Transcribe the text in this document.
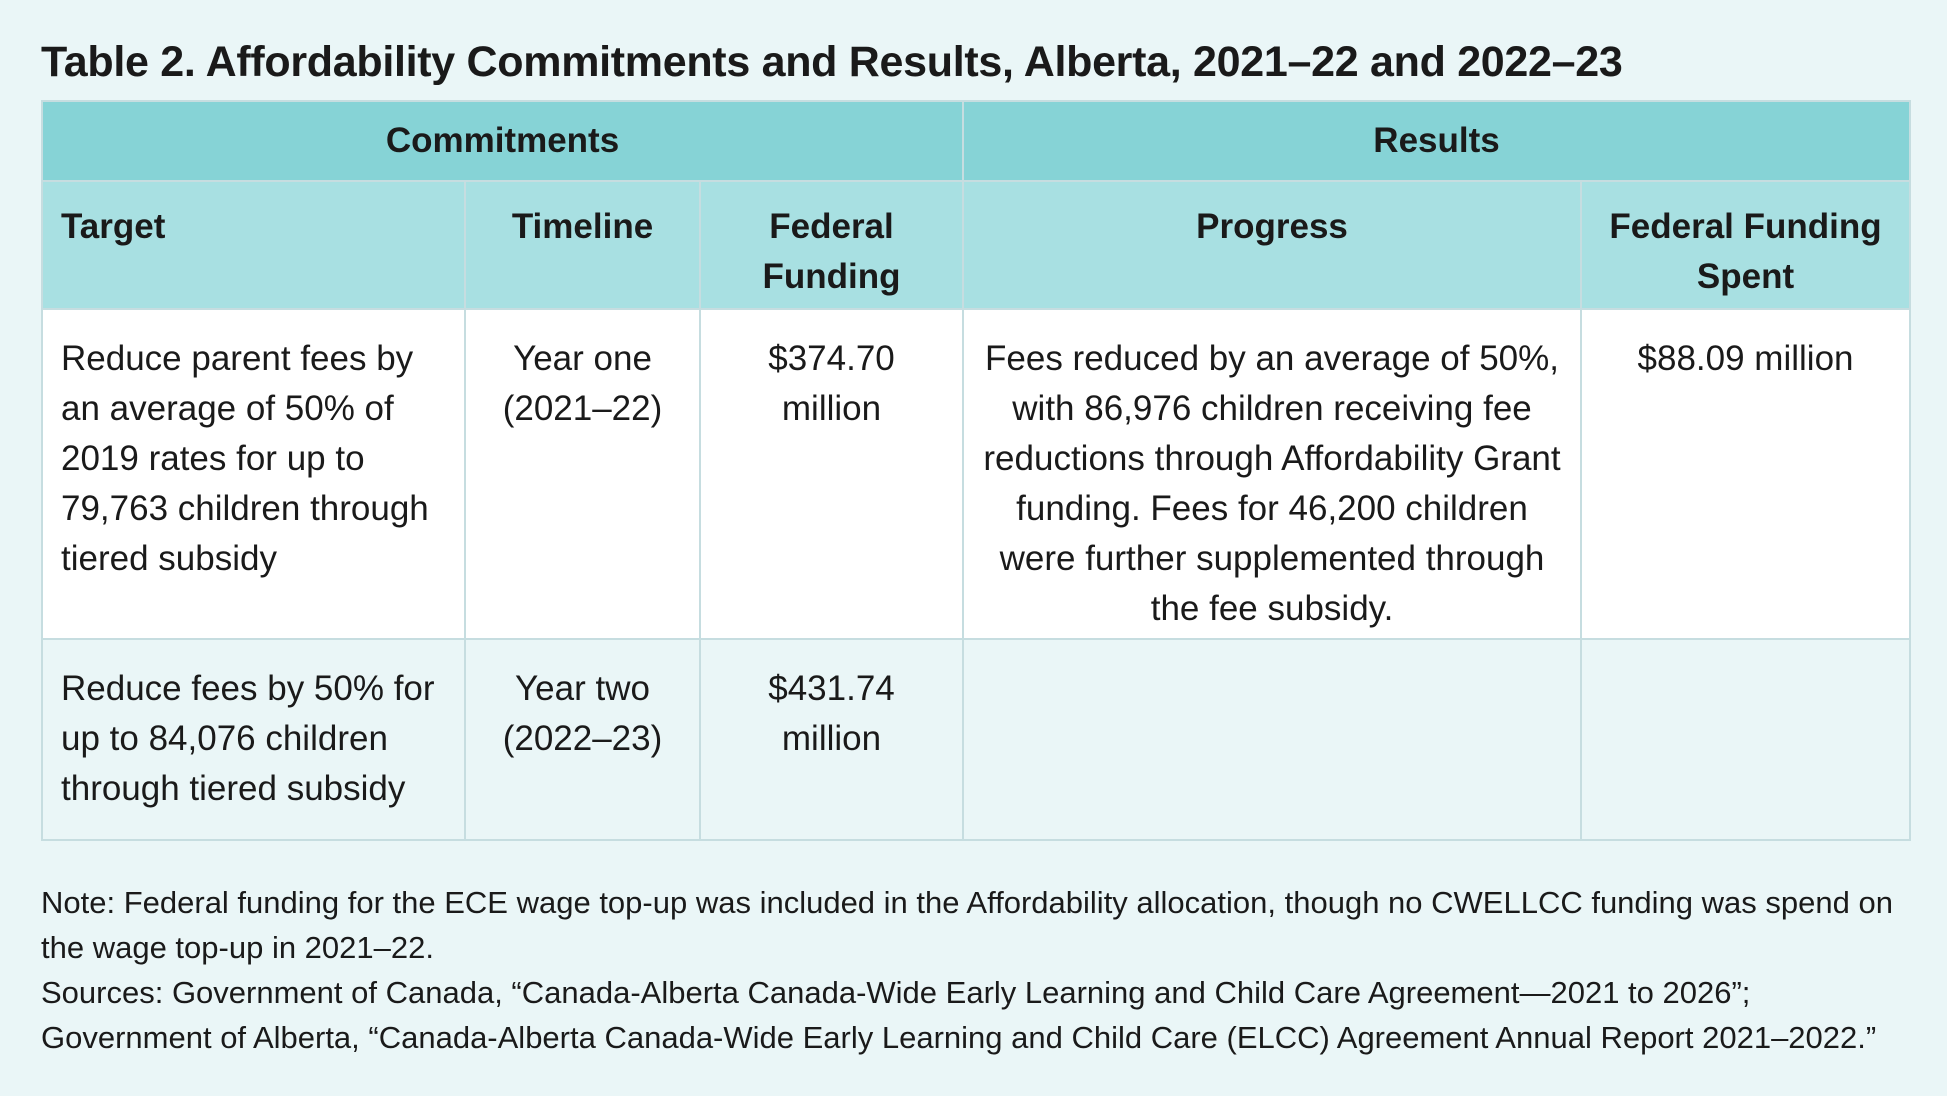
Table 2. Affordability Commitments and Results, Alberta, 2021–22 and 2022–23
Commitments			Results	
Target	Timeline	Federal Funding	Progress	Federal Funding Spent
Reduce parent fees by an average of 50% of 2019 rates for up to 79,763 children through tiered subsidy	Year one (2021–22)	$374.70 million	Fees reduced by an average of 50%, with 86,976 children receiving fee reductions through Affordability Grant funding. Fees for 46,200 children were further supplemented through the fee subsidy.	$88.09 million
Reduce fees by 50% for up to 84,076 children through tiered subsidy	Year two (2022–23)	$431.74 million		

Note: Federal funding for the ECE wage top-up was included in the Affordability allocation, though no CWELLCC funding was spend on the wage top-up in 2021–22.

Sources: Government of Canada, “Canada-Alberta Canada-Wide Early Learning and Child Care Agreement—2021 to 2026”; Government of Alberta, “Canada-Alberta Canada-Wide Early Learning and Child Care (ELCC) Agreement Annual Report 2021–2022.”
